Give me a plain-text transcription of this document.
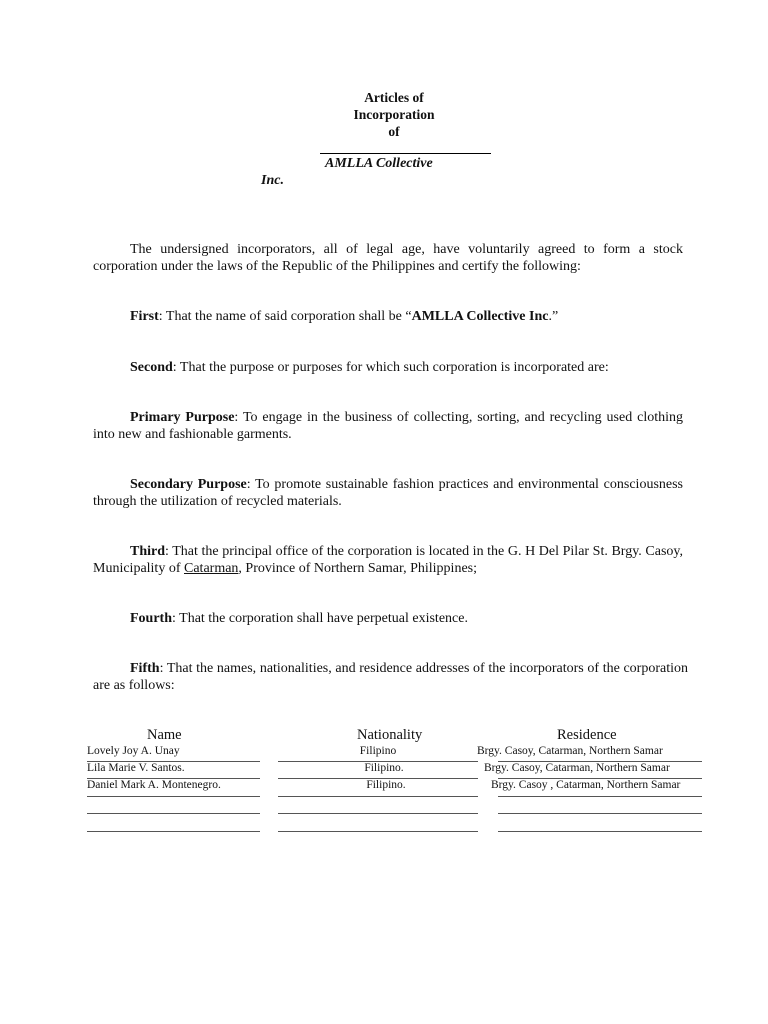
Articles of
Incorporation
of
AMLLA Collective
Inc.
The undersigned incorporators, all of legal age, have voluntarily agreed to form a stock corporation under the laws of the Republic of the Philippines and certify the following:
First: That the name of said corporation shall be “AMLLA Collective Inc.”
Second: That the purpose or purposes for which such corporation is incorporated are:
Primary Purpose: To engage in the business of collecting, sorting, and recycling used clothing into new and fashionable garments.
Secondary Purpose: To promote sustainable fashion practices and environmental consciousness through the utilization of recycled materials.
Third: That the principal office of the corporation is located in the G. H Del Pilar St. Brgy. Casoy, Municipality of Catarman, Province of Northern Samar, Philippines;
Fourth: That the corporation shall have perpetual existence.
Fifth: That the names, nationalities, and residence addresses of the incorporators of the corporation are as follows:
Name	Nationality	Residence
Lovely Joy A. Unay	Filipino	Brgy. Casoy, Catarman, Northern Samar
Lila Marie V. Santos.	Filipino.	Brgy. Casoy, Catarman, Northern Samar
Daniel Mark A. Montenegro.	Filipino.	Brgy. Casoy , Catarman, Northern Samar
